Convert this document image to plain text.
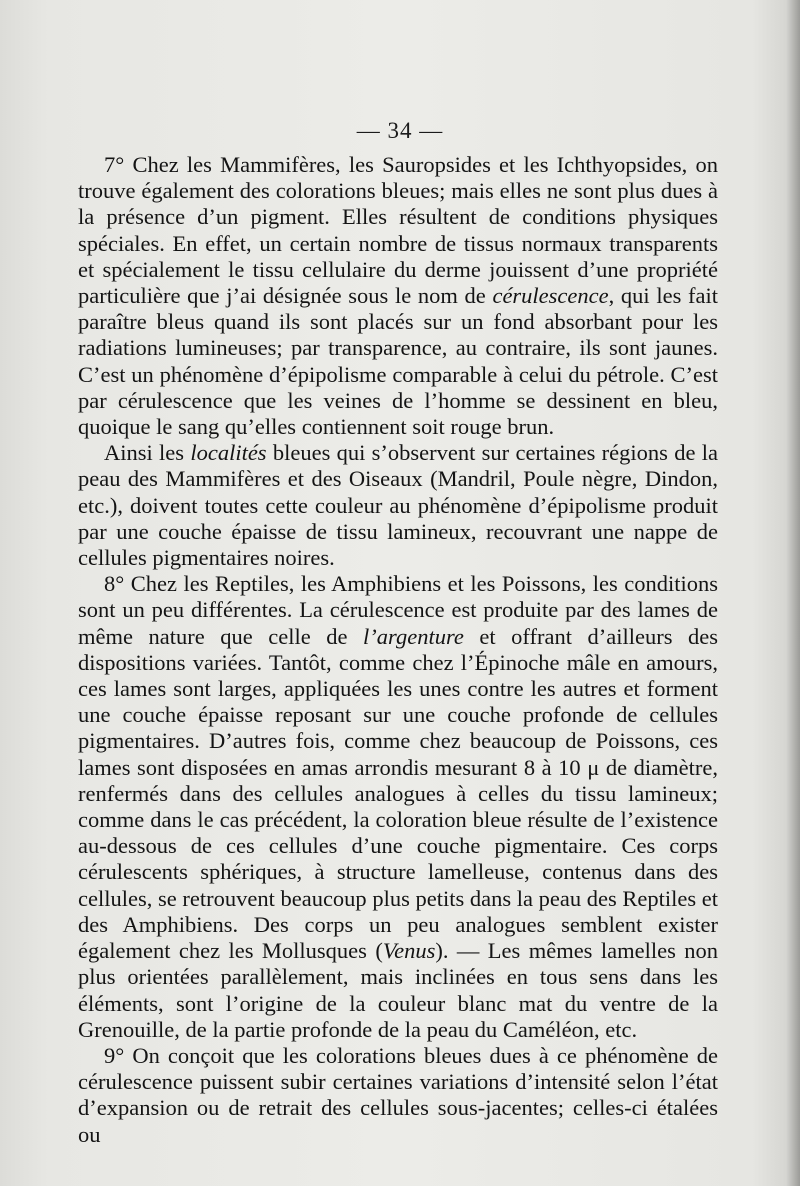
— 34 —

7° Chez les Mammifères, les Sauropsides et les Ichthyopsides, on trouve également des colorations bleues; mais elles ne sont plus dues à la présence d’un pigment. Elles résultent de conditions physiques spéciales. En effet, un certain nombre de tissus normaux transparents et spécialement le tissu cellulaire du derme jouissent d’une propriété particulière que j’ai désignée sous le nom de cérulescence, qui les fait paraître bleus quand ils sont placés sur un fond absorbant pour les radiations lumineuses; par transparence, au contraire, ils sont jaunes. C’est un phénomène d’épipolisme comparable à celui du pétrole. C’est par cérulescence que les veines de l’homme se dessinent en bleu, quoique le sang qu’elles contiennent soit rouge brun.

Ainsi les localités bleues qui s’observent sur certaines régions de la peau des Mammifères et des Oiseaux (Mandril, Poule nègre, Dindon, etc.), doivent toutes cette couleur au phénomène d’épipolisme produit par une couche épaisse de tissu lamineux, recouvrant une nappe de cellules pigmentaires noires.

8° Chez les Reptiles, les Amphibiens et les Poissons, les conditions sont un peu différentes. La cérulescence est produite par des lames de même nature que celle de l’argenture et offrant d’ailleurs des dispositions variées. Tantôt, comme chez l’Épinoche mâle en amours, ces lames sont larges, appliquées les unes contre les autres et forment une couche épaisse reposant sur une couche profonde de cellules pigmentaires. D’autres fois, comme chez beaucoup de Poissons, ces lames sont disposées en amas arrondis mesurant 8 à 10 μ de diamètre, renfermés dans des cellules analogues à celles du tissu lamineux; comme dans le cas précédent, la coloration bleue résulte de l’existence au-dessous de ces cellules d’une couche pigmentaire. Ces corps cérulescents sphériques, à structure lamelleuse, contenus dans des cellules, se retrouvent beaucoup plus petits dans la peau des Reptiles et des Amphibiens. Des corps un peu analogues semblent exister également chez les Mollusques (Venus). — Les mêmes lamelles non plus orientées parallèlement, mais inclinées en tous sens dans les éléments, sont l’origine de la couleur blanc mat du ventre de la Grenouille, de la partie profonde de la peau du Caméléon, etc.

9° On conçoit que les colorations bleues dues à ce phénomène de cérulescence puissent subir certaines variations d’intensité selon l’état d’expansion ou de retrait des cellules sous-jacentes; celles-ci étalées ou
